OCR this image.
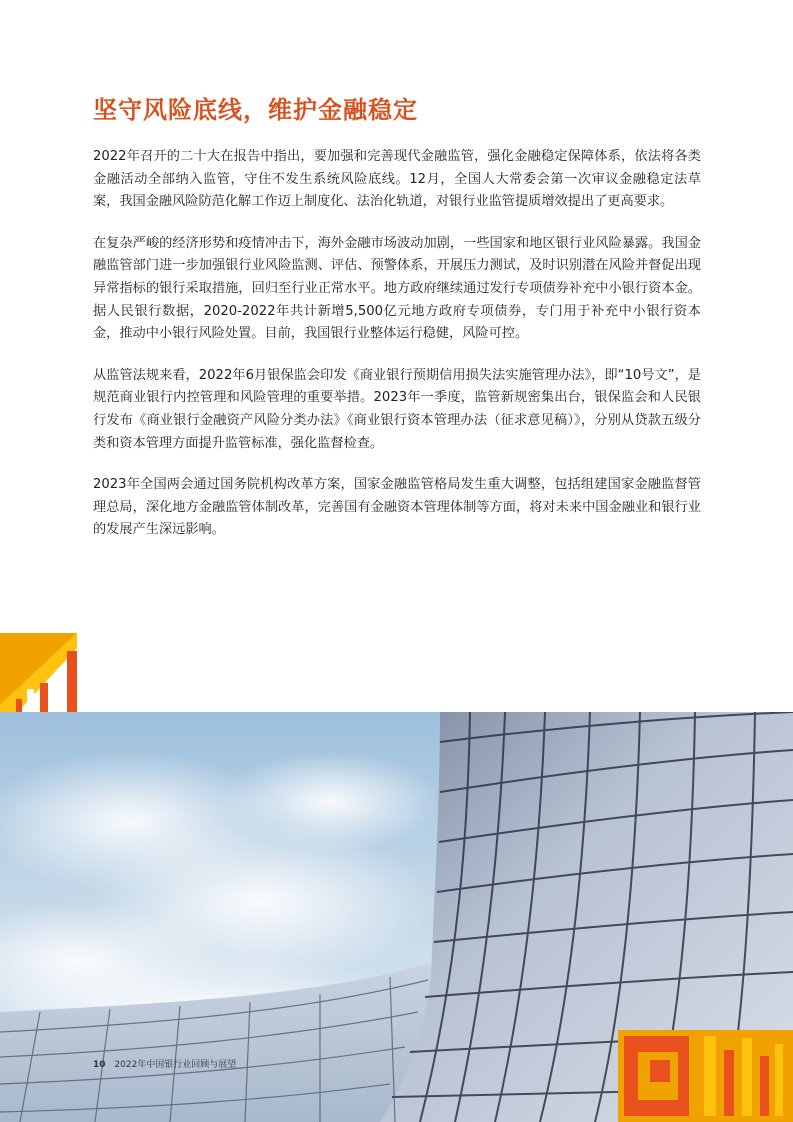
坚守风险底线，维护金融稳定

2022年召开的二十大在报告中指出，要加强和完善现代金融监管，强化金融稳定保障体系，依法将各类金融活动全部纳入监管，守住不发生系统风险底线。12月，全国人大常委会第一次审议金融稳定法草案，我国金融风险防范化解工作迈上制度化、法治化轨道，对银行业监管提质增效提出了更高要求。

在复杂严峻的经济形势和疫情冲击下，海外金融市场波动加剧，一些国家和地区银行业风险暴露。我国金融监管部门进一步加强银行业风险监测、评估、预警体系，开展压力测试，及时识别潜在风险并督促出现异常指标的银行采取措施，回归至行业正常水平。地方政府继续通过发行专项债券补充中小银行资本金。据人民银行数据，2020-2022年共计新增5,500亿元地方政府专项债券，专门用于补充中小银行资本金，推动中小银行风险处置。目前，我国银行业整体运行稳健，风险可控。

从监管法规来看，2022年6月银保监会印发《商业银行预期信用损失法实施管理办法》，即“10号文”，是规范商业银行内控管理和风险管理的重要举措。2023年一季度，监管新规密集出台，银保监会和人民银行发布《商业银行金融资产风险分类办法》《商业银行资本管理办法（征求意见稿）》，分别从贷款五级分类和资本管理方面提升监管标准，强化监督检查。

2023年全国两会通过国务院机构改革方案，国家金融监管格局发生重大调整，包括组建国家金融监督管理总局，深化地方金融监管体制改革，完善国有金融资本管理体制等方面，将对未来中国金融业和银行业的发展产生深远影响。

10 2022年中国银行业回顾与展望
